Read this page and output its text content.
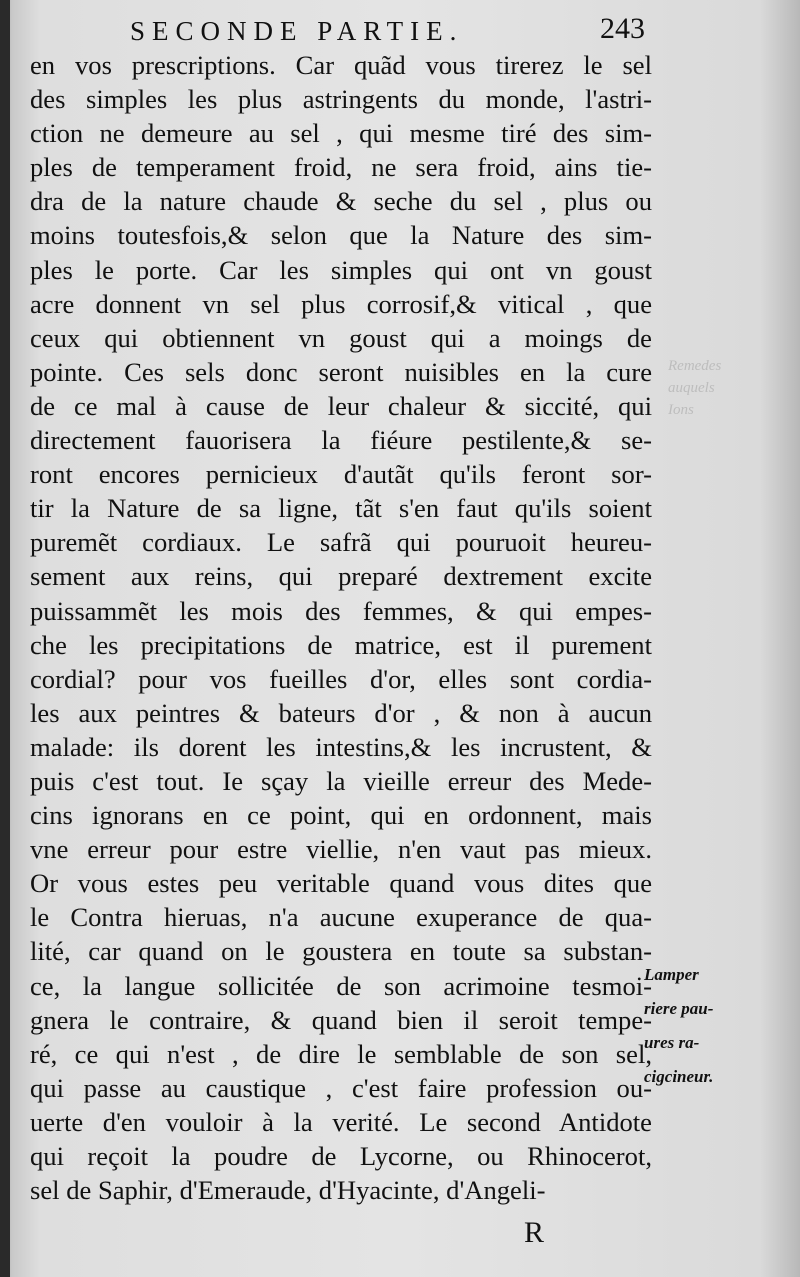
SECONDE PARTIE.	243
Remedes
auquels
Ions
en vos prescriptions. Car quãd vous tirerez le sel
des simples les plus astringents du monde, l'astri-
ction ne demeure au sel , qui mesme tiré des sim-
ples de temperament froid, ne sera froid, ains tie-
dra de la nature chaude & seche du sel , plus ou
moins toutesfois,& selon que la Nature des sim-
ples le porte. Car les simples qui ont vn goust
acre donnent vn sel plus corrosif,& vitical , que
ceux qui obtiennent vn goust qui a moings de
pointe. Ces sels donc seront nuisibles en la cure
de ce mal à cause de leur chaleur & siccité, qui
directement fauorisera la fiéure pestilente,& se-
ront encores pernicieux d'autãt qu'ils feront sor-
tir la Nature de sa ligne, tãt s'en faut qu'ils soient
puremẽt cordiaux. Le safrã qui pouruoit heureu-
sement aux reins, qui preparé dextrement excite
puissammẽt les mois des femmes, & qui empes-
che les precipitations de matrice, est il purement
cordial? pour vos fueilles d'or, elles sont cordia-
les aux peintres & bateurs d'or , & non à aucun
malade: ils dorent les intestins,& les incrustent, &
puis c'est tout. Ie sçay la vieille erreur des Mede-
cins ignorans en ce point, qui en ordonnent, mais
vne erreur pour estre viellie, n'en vaut pas mieux.
Or vous estes peu veritable quand vous dites que
le Contra hieruas, n'a aucune exuperance de qua-
lité, car quand on le goustera en toute sa substan-
ce, la langue sollicitée de son acrimoine tesmoi-
gnera le contraire, & quand bien il seroit tempe-
ré, ce qui n'est , de dire le semblable de son sel,
qui passe au caustique , c'est faire profession ou-
uerte d'en vouloir à la verité. Le second Antidote
qui reçoit la poudre de Lycorne, ou Rhinocerot,
sel de Saphir, d'Emeraude, d'Hyacinte, d'Angeli-
Lamper
riere pau-
ures ra-
cigcineur.
R
